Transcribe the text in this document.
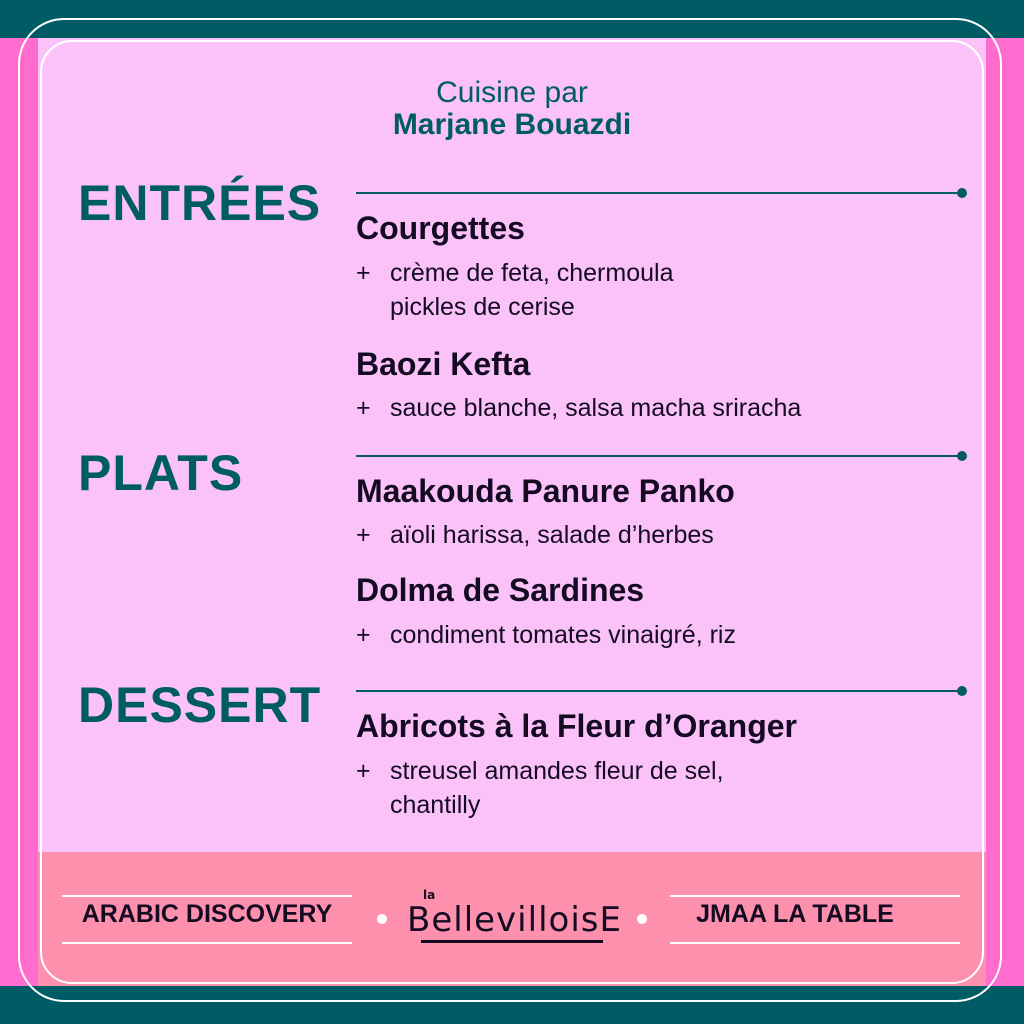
Cuisine par
Marjane Bouazdi
ENTRÉES Courgettes
+ crème de feta, chermoula
pickles de cerise
Baozi Kefta
+ sauce blanche, salsa macha sriracha
PLATS	Maakouda Panure Panko
+ aïoli harissa, salade d’herbes
Dolma de Sardines
+ condiment tomates vinaigré, riz
DESSERT Abricots à la Fleur d’Oranger
+ streusel amandes fleur de sel,
chantilly
ARABIC DISCOVERY
la
BellevilloisE	JMAA LA TABLE
